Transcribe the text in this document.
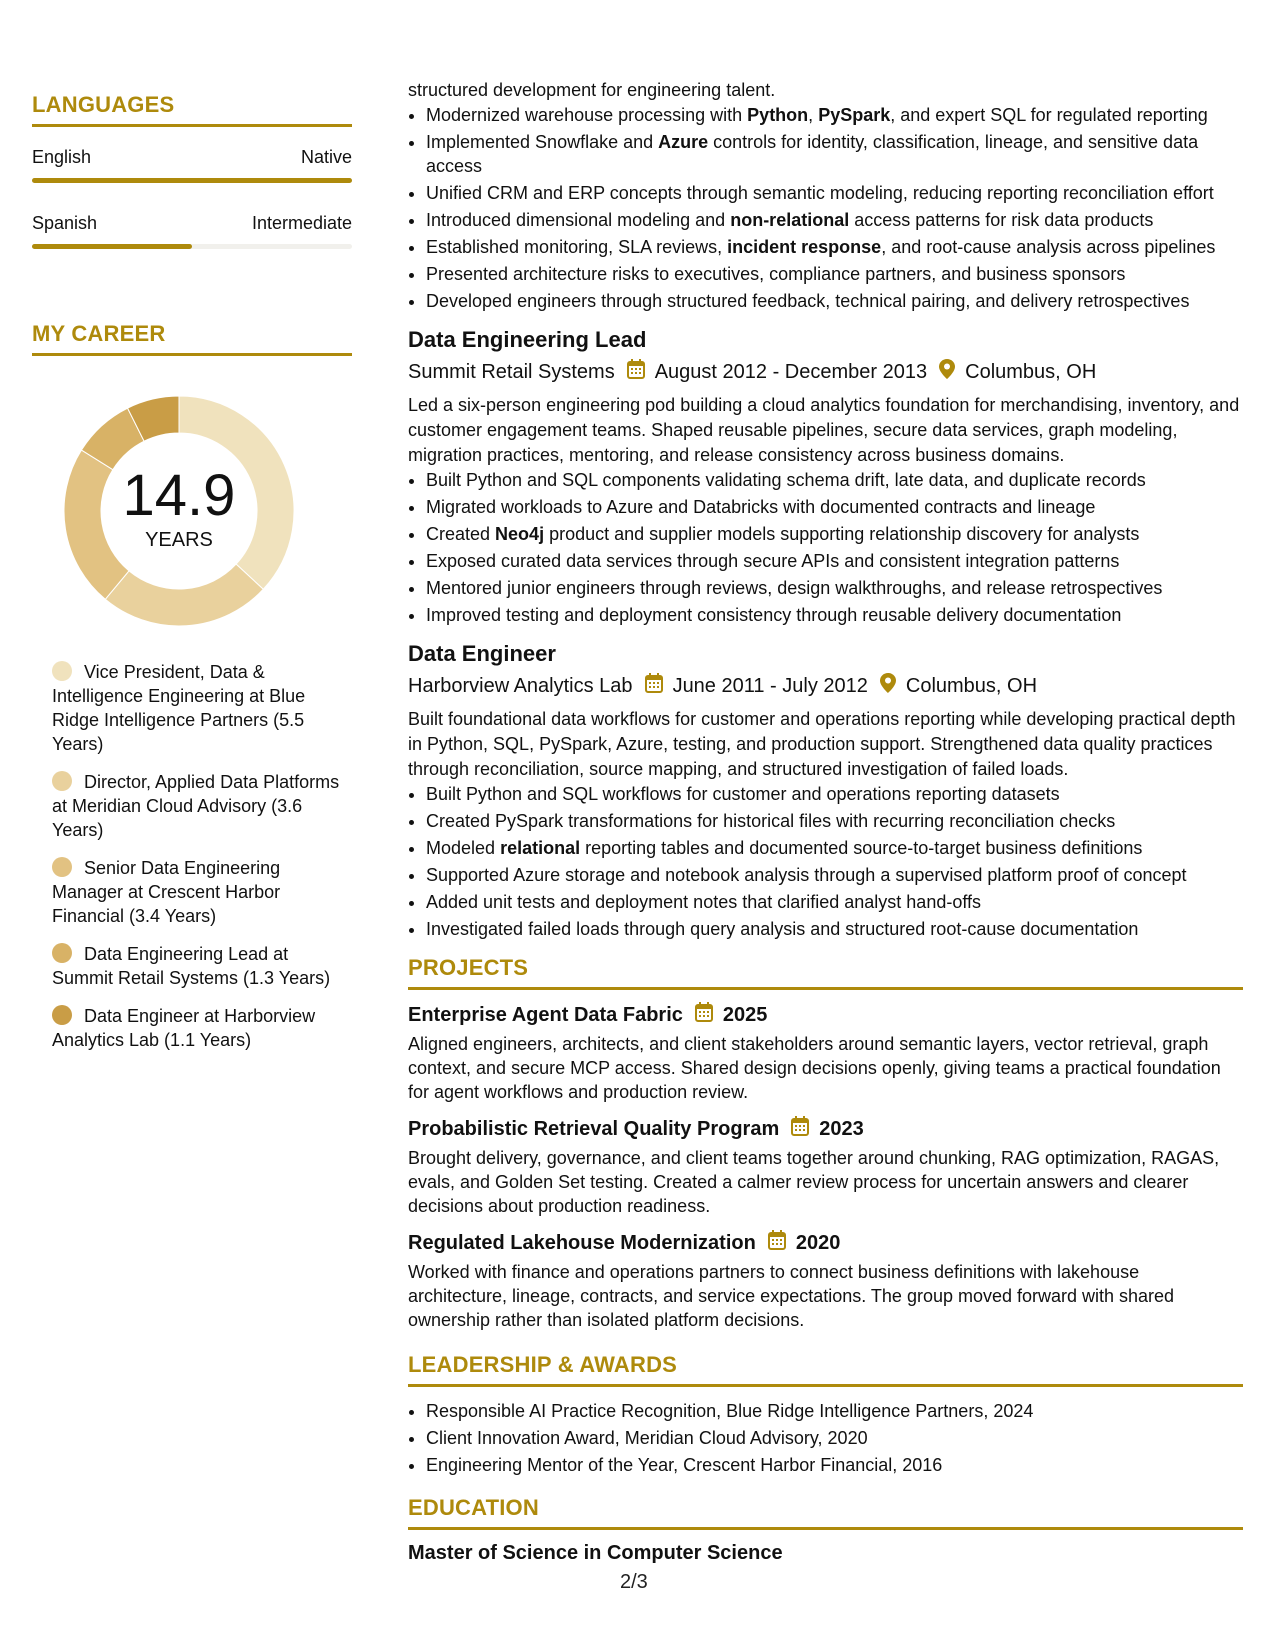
LANGUAGES
English	Native
Spanish	Intermediate
MY CAREER
14.9
YEARS
Vice President, Data & Intelligence Engineering at Blue Ridge Intelligence Partners (5.5 Years)
Director, Applied Data Platforms at Meridian Cloud Advisory (3.6 Years)
Senior Data Engineering Manager at Crescent Harbor Financial (3.4 Years)
Data Engineering Lead at Summit Retail Systems (1.3 Years)
Data Engineer at Harborview Analytics Lab (1.1 Years)
structured development for engineering talent.
• Modernized warehouse processing with Python, PySpark, and expert SQL for regulated reporting
• Implemented Snowflake and Azure controls for identity, classification, lineage, and sensitive data access
• Unified CRM and ERP concepts through semantic modeling, reducing reporting reconciliation effort
• Introduced dimensional modeling and non-relational access patterns for risk data products
• Established monitoring, SLA reviews, incident response, and root-cause analysis across pipelines
• Presented architecture risks to executives, compliance partners, and business sponsors
• Developed engineers through structured feedback, technical pairing, and delivery retrospectives
Data Engineering Lead
Summit Retail Systems August 2012 - December 2013 Columbus, OH
Led a six-person engineering pod building a cloud analytics foundation for merchandising, inventory, and customer engagement teams. Shaped reusable pipelines, secure data services, graph modeling, migration practices, mentoring, and release consistency across business domains.
• Built Python and SQL components validating schema drift, late data, and duplicate records
• Migrated workloads to Azure and Databricks with documented contracts and lineage
• Created Neo4j product and supplier models supporting relationship discovery for analysts
• Exposed curated data services through secure APIs and consistent integration patterns
• Mentored junior engineers through reviews, design walkthroughs, and release retrospectives
• Improved testing and deployment consistency through reusable delivery documentation
Data Engineer
Harborview Analytics Lab June 2011 - July 2012 Columbus, OH
Built foundational data workflows for customer and operations reporting while developing practical depth in Python, SQL, PySpark, Azure, testing, and production support. Strengthened data quality practices through reconciliation, source mapping, and structured investigation of failed loads.
• Built Python and SQL workflows for customer and operations reporting datasets
• Created PySpark transformations for historical files with recurring reconciliation checks
• Modeled relational reporting tables and documented source-to-target business definitions
• Supported Azure storage and notebook analysis through a supervised platform proof of concept
• Added unit tests and deployment notes that clarified analyst hand-offs
• Investigated failed loads through query analysis and structured root-cause documentation
PROJECTS
Enterprise Agent Data Fabric 2025
Aligned engineers, architects, and client stakeholders around semantic layers, vector retrieval, graph context, and secure MCP access. Shared design decisions openly, giving teams a practical foundation for agent workflows and production review.
Probabilistic Retrieval Quality Program 2023
Brought delivery, governance, and client teams together around chunking, RAG optimization, RAGAS, evals, and Golden Set testing. Created a calmer review process for uncertain answers and clearer decisions about production readiness.
Regulated Lakehouse Modernization 2020
Worked with finance and operations partners to connect business definitions with lakehouse architecture, lineage, contracts, and service expectations. The group moved forward with shared ownership rather than isolated platform decisions.
LEADERSHIP & AWARDS
• Responsible AI Practice Recognition, Blue Ridge Intelligence Partners, 2024
• Client Innovation Award, Meridian Cloud Advisory, 2020
• Engineering Mentor of the Year, Crescent Harbor Financial, 2016
EDUCATION
Master of Science in Computer Science
2/3
